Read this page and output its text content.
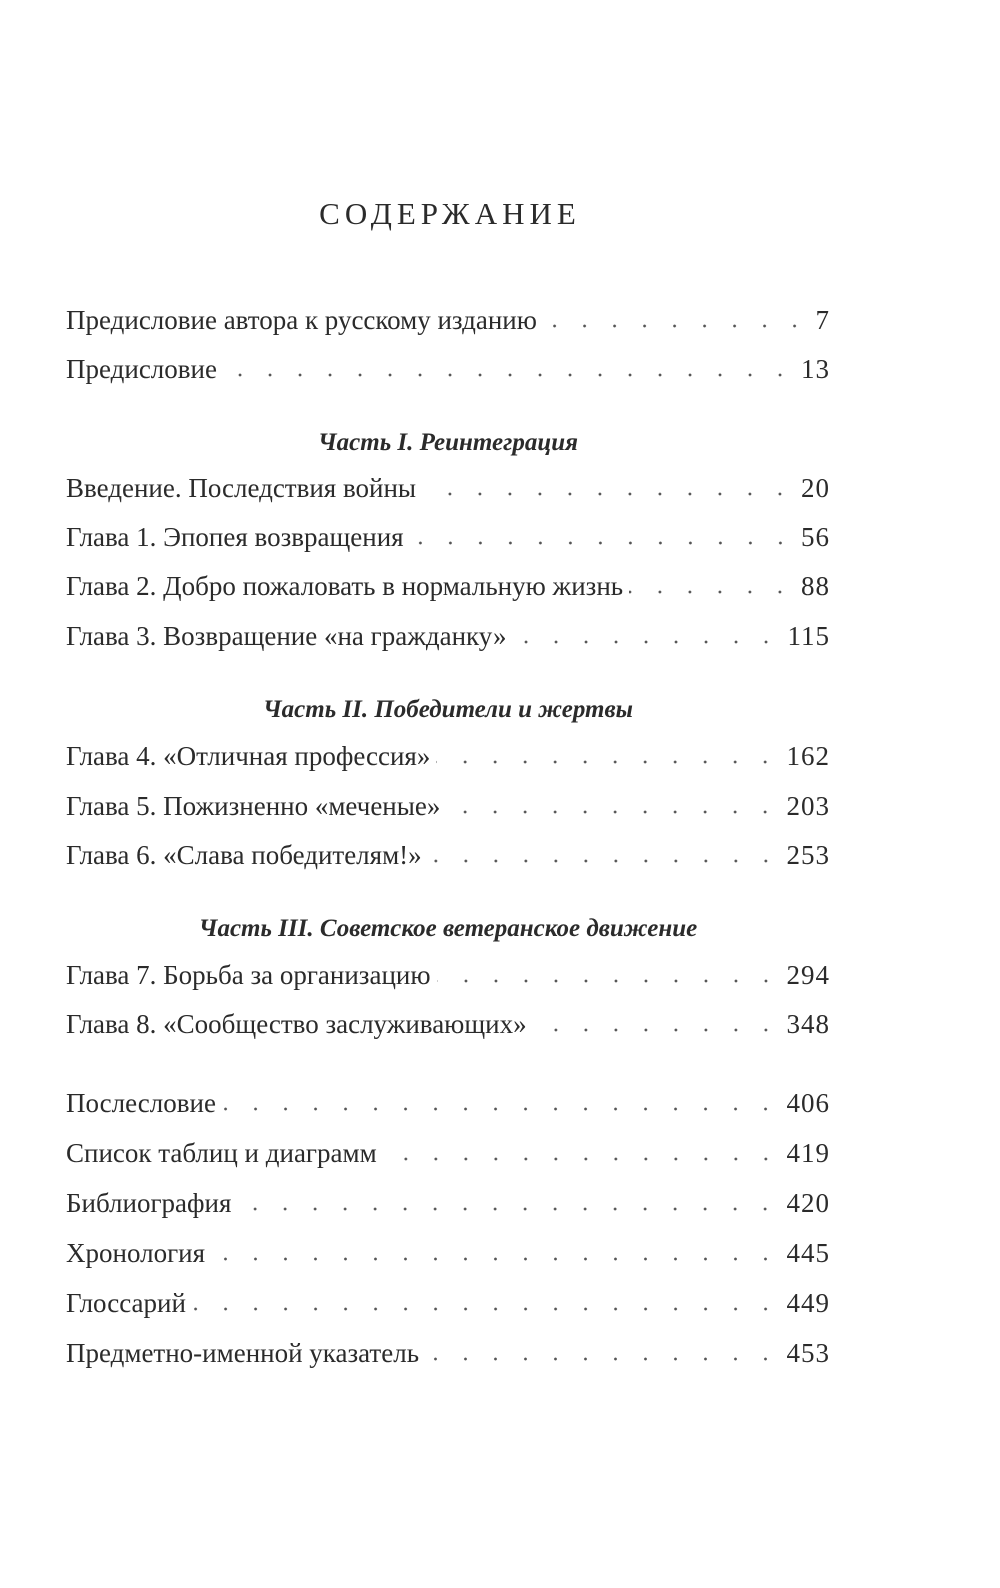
СОДЕРЖАНИЕ
Предисловие автора к русскому изданию	7
Предисловие	13
Часть I. Реинтеграция
Введение. Последствия войны	20
Глава 1. Эпопея возвращения	56
Глава 2. Добро пожаловать в нормальную жизнь	88
Глава 3. Возвращение «на гражданку»	115
Часть II. Победители и жертвы
Глава 4. «Отличная профессия»	162
Глава 5. Пожизненно «меченые»	203
Глава 6. «Слава победителям!»	253
Часть III. Советское ветеранское движение
Глава 7. Борьба за организацию	294
Глава 8. «Сообщество заслуживающих»	348
Послесловие	406
Список таблиц и диаграмм	419
Библиография	420
Хронология	445
Глоссарий	449
Предметно-именной указатель	453
